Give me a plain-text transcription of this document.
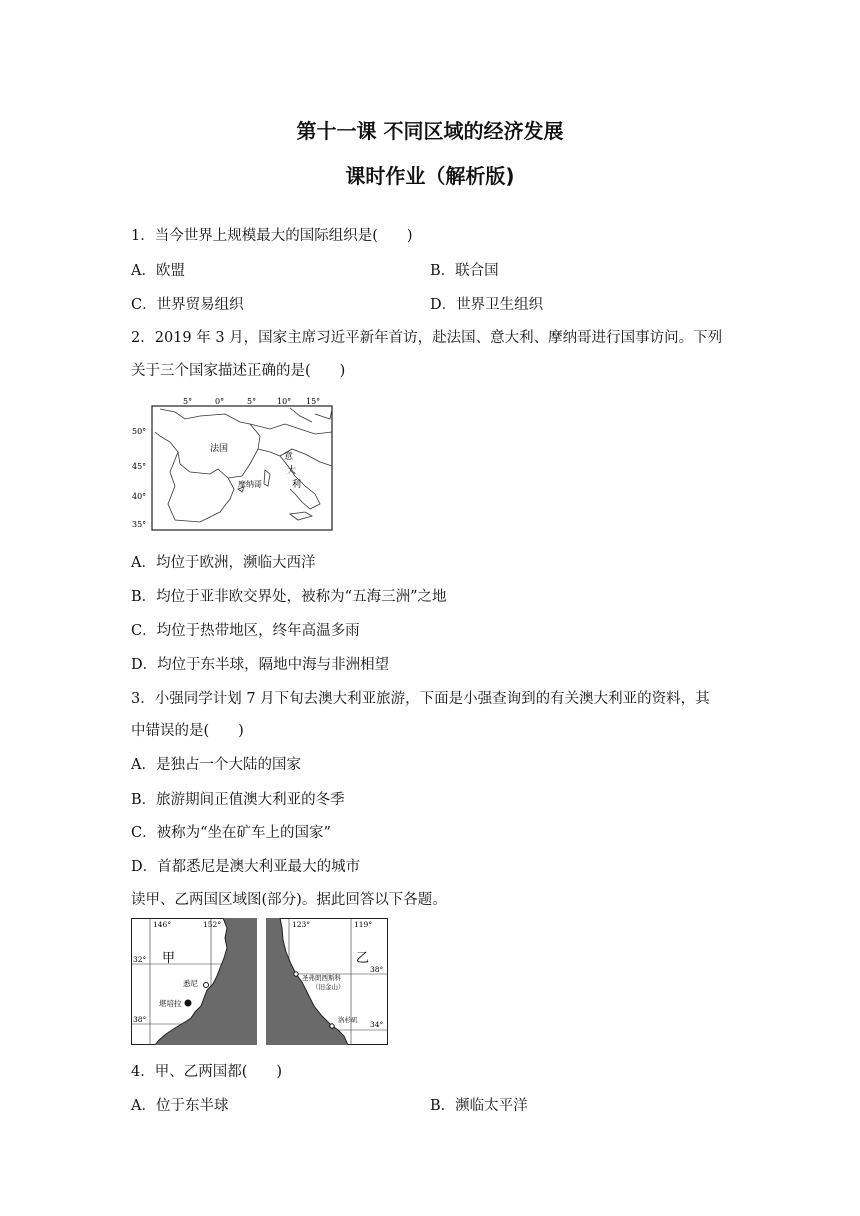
第十一课 不同区域的经济发展
课时作业（解析版)
1．当今世界上规模最大的国际组织是(　　)
A．欧盟	B．联合国
C．世界贸易组织	D．世界卫生组织
2．2019 年 3 月，国家主席习近平新年首访，赴法国、意大利、摩纳哥进行国事访问。下列
关于三个国家描述正确的是(　　)
5°	0°	5°	10° 15°
50°
45°
40°
35°
法国
意
大
利
摩纳哥
A．均位于欧洲，濒临大西洋
B．均位于亚非欧交界处，被称为“五海三洲”之地
C．均位于热带地区，终年高温多雨
D．均位于东半球，隔地中海与非洲相望
3．小强同学计划 7 月下旬去澳大利亚旅游，下面是小强查询到的有关澳大利亚的资料，其
中错误的是(　　)
A．是独占一个大陆的国家
B．旅游期间正值澳大利亚的冬季
C．被称为“坐在矿车上的国家”
D．首都悉尼是澳大利亚最大的城市
读甲、乙两国区域图(部分)。据此回答以下各题。
146°	152°
32°
38°
甲
悉尼
堪培拉
123°	119°
38°
34°
乙
圣弗朗西斯科
（旧金山）
洛杉矶
4．甲、乙两国都(　　)
A．位于东半球	B．濒临太平洋
